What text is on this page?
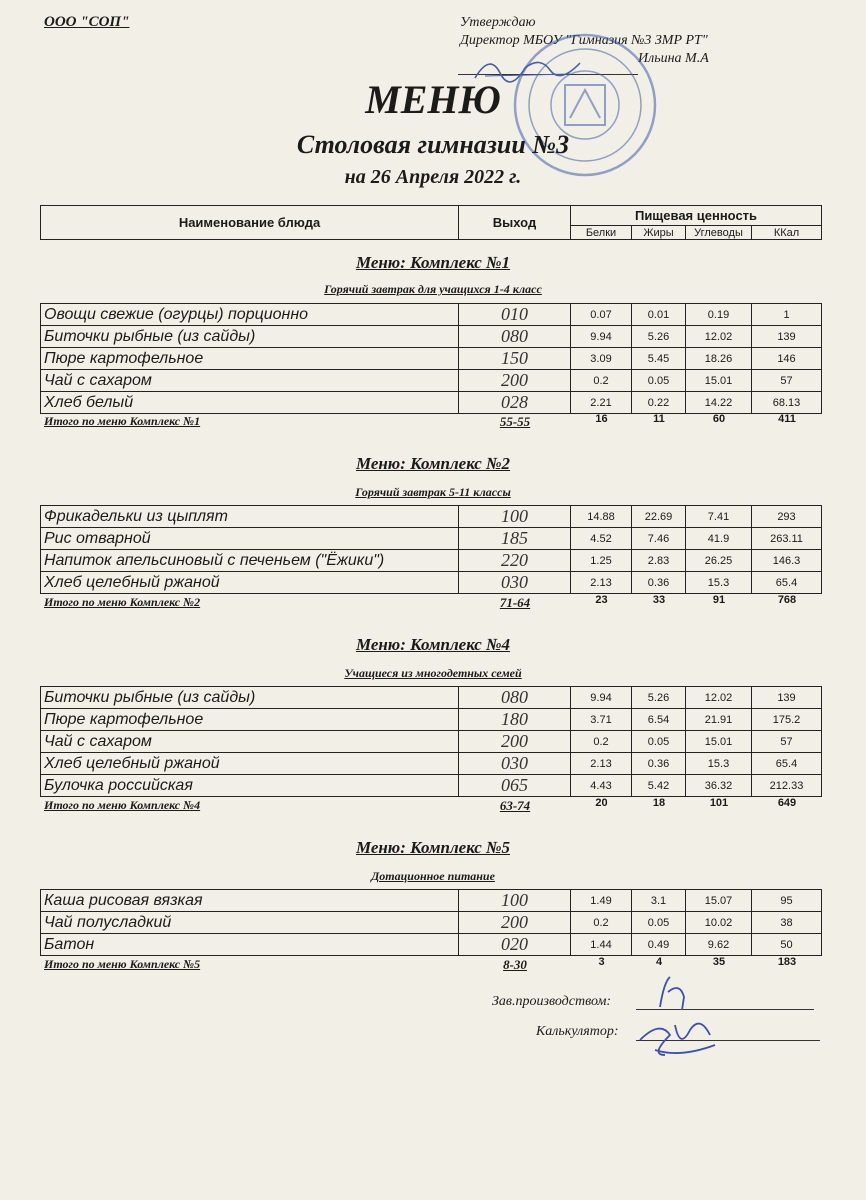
ООО "СОП"	Утверждаю
Директор МБОУ "Гимназия №3 ЗМР РТ"
Ильина М.А
МЕНЮ
Столовая гимназии №3
на 26 Апреля 2022 г.
Наименование блюда	Выход	Пищевая ценность			
		Белки	Жиры	Углеводы	ККал
Меню: Комплекс №1
Горячий завтрак для учащихся 1-4 класс
Овощи свежие (огурцы) порционно	010	0.07	0.01	0.19	1
Биточки рыбные (из сайды)	080	9.94	5.26	12.02	139
Пюре картофельное	150	3.09	5.45	18.26	146
Чай с сахаром	200	0.2	0.05	15.01	57
Хлеб белый	028	2.21	0.22	14.22	68.13
Итого по меню Комплекс №1	55-55	16	11	60	411
Меню: Комплекс №2
Горячий завтрак 5-11 классы
Фрикадельки из цыплят	100	14.88	22.69	7.41	293
Рис отварной	185	4.52	7.46	41.9	263.11
Напиток апельсиновый с печеньем ("Ёжики")	220	1.25	2.83	26.25	146.3
Хлеб целебный ржаной	030	2.13	0.36	15.3	65.4
Итого по меню Комплекс №2	71-64	23	33	91	768
Меню: Комплекс №4
Учащиеся из многодетных семей
Биточки рыбные (из сайды)	080	9.94	5.26	12.02	139
Пюре картофельное	180	3.71	6.54	21.91	175.2
Чай с сахаром	200	0.2	0.05	15.01	57
Хлеб целебный ржаной	030	2.13	0.36	15.3	65.4
Булочка российская	065	4.43	5.42	36.32	212.33
Итого по меню Комплекс №4	63-74	20	18	101	649
Меню: Комплекс №5
Дотационное питание
Каша рисовая вязкая	100	1.49	3.1	15.07	95
Чай полусладкий	200	0.2	0.05	10.02	38
Батон	020	1.44	0.49	9.62	50
Итого по меню Комплекс №5	8-30	3	4	35	183
Зав.производством:
Калькулятор:
